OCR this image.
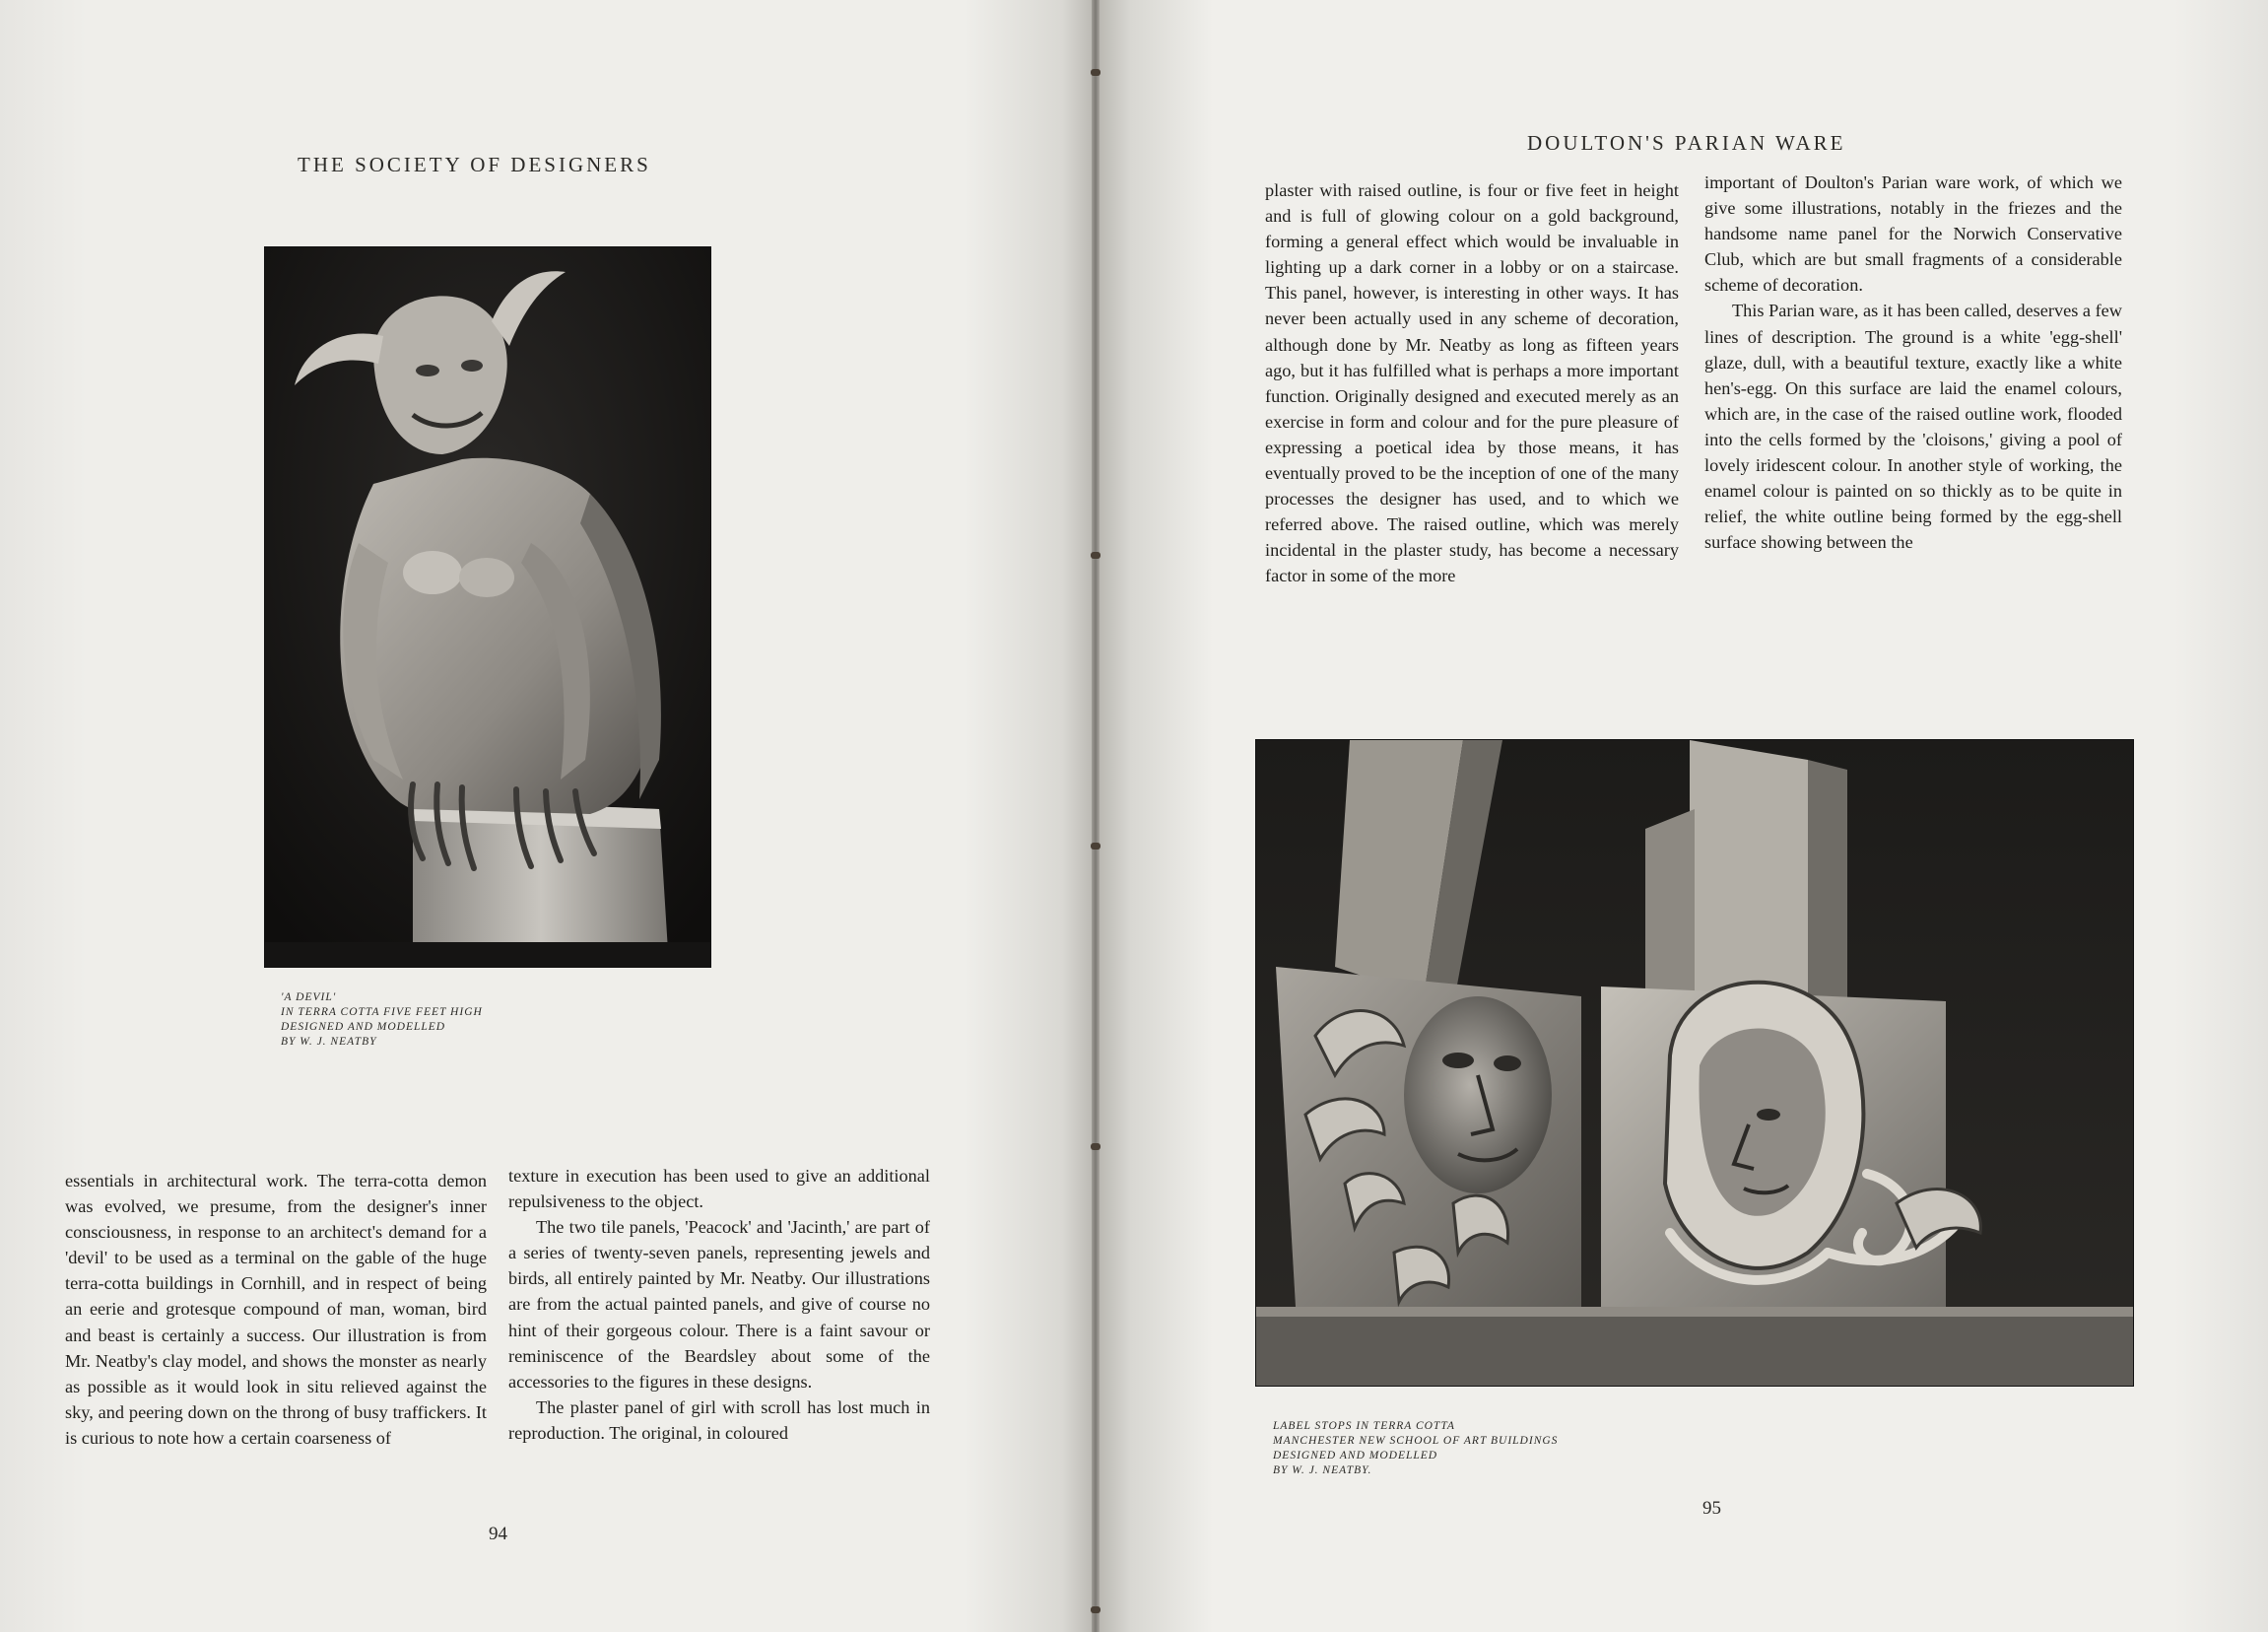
THE SOCIETY OF DESIGNERS
'A DEVIL'
IN TERRA COTTA FIVE FEET HIGH
DESIGNED AND MODELLED
BY W. J. NEATBY

essentials in architectural work. The terra-cotta demon was evolved, we presume, from the designer's inner consciousness, in response to an architect's demand for a 'devil' to be used as a terminal on the gable of the huge terra-cotta buildings in Cornhill, and in respect of being an eerie and grotesque compound of man, woman, bird and beast is certainly a success. Our illustration is from Mr. Neatby's clay model, and shows the monster as nearly as possible as it would look in situ relieved against the sky, and peering down on the throng of busy traffickers. It is curious to note how a certain coarseness of

texture in execution has been used to give an additional repulsiveness to the object.

The two tile panels, 'Peacock' and 'Jacinth,' are part of a series of twenty-seven panels, representing jewels and birds, all entirely painted by Mr. Neatby. Our illustrations are from the actual painted panels, and give of course no hint of their gorgeous colour. There is a faint savour or reminiscence of the Beardsley about some of the accessories to the figures in these designs.

The plaster panel of girl with scroll has lost much in reproduction. The original, in coloured

94
DOULTON'S PARIAN WARE

plaster with raised outline, is four or five feet in height and is full of glowing colour on a gold background, forming a general effect which would be invaluable in lighting up a dark corner in a lobby or on a staircase. This panel, however, is interesting in other ways. It has never been actually used in any scheme of decoration, although done by Mr. Neatby as long as fifteen years ago, but it has fulfilled what is perhaps a more important function. Originally designed and executed merely as an exercise in form and colour and for the pure pleasure of expressing a poetical idea by those means, it has eventually proved to be the inception of one of the many processes the designer has used, and to which we referred above. The raised outline, which was merely incidental in the plaster study, has become a necessary factor in some of the more

important of Doulton's Parian ware work, of which we give some illustrations, notably in the friezes and the handsome name panel for the Norwich Conservative Club, which are but small fragments of a considerable scheme of decoration.

This Parian ware, as it has been called, deserves a few lines of description. The ground is a white 'egg-shell' glaze, dull, with a beautiful texture, exactly like a white hen's-egg. On this surface are laid the enamel colours, which are, in the case of the raised outline work, flooded into the cells formed by the 'cloisons,' giving a pool of lovely iridescent colour. In another style of working, the enamel colour is painted on so thickly as to be quite in relief, the white outline being formed by the egg-shell surface showing between the

LABEL STOPS IN TERRA COTTA
MANCHESTER NEW SCHOOL OF ART BUILDINGS
DESIGNED AND MODELLED
BY W. J. NEATBY.
95
